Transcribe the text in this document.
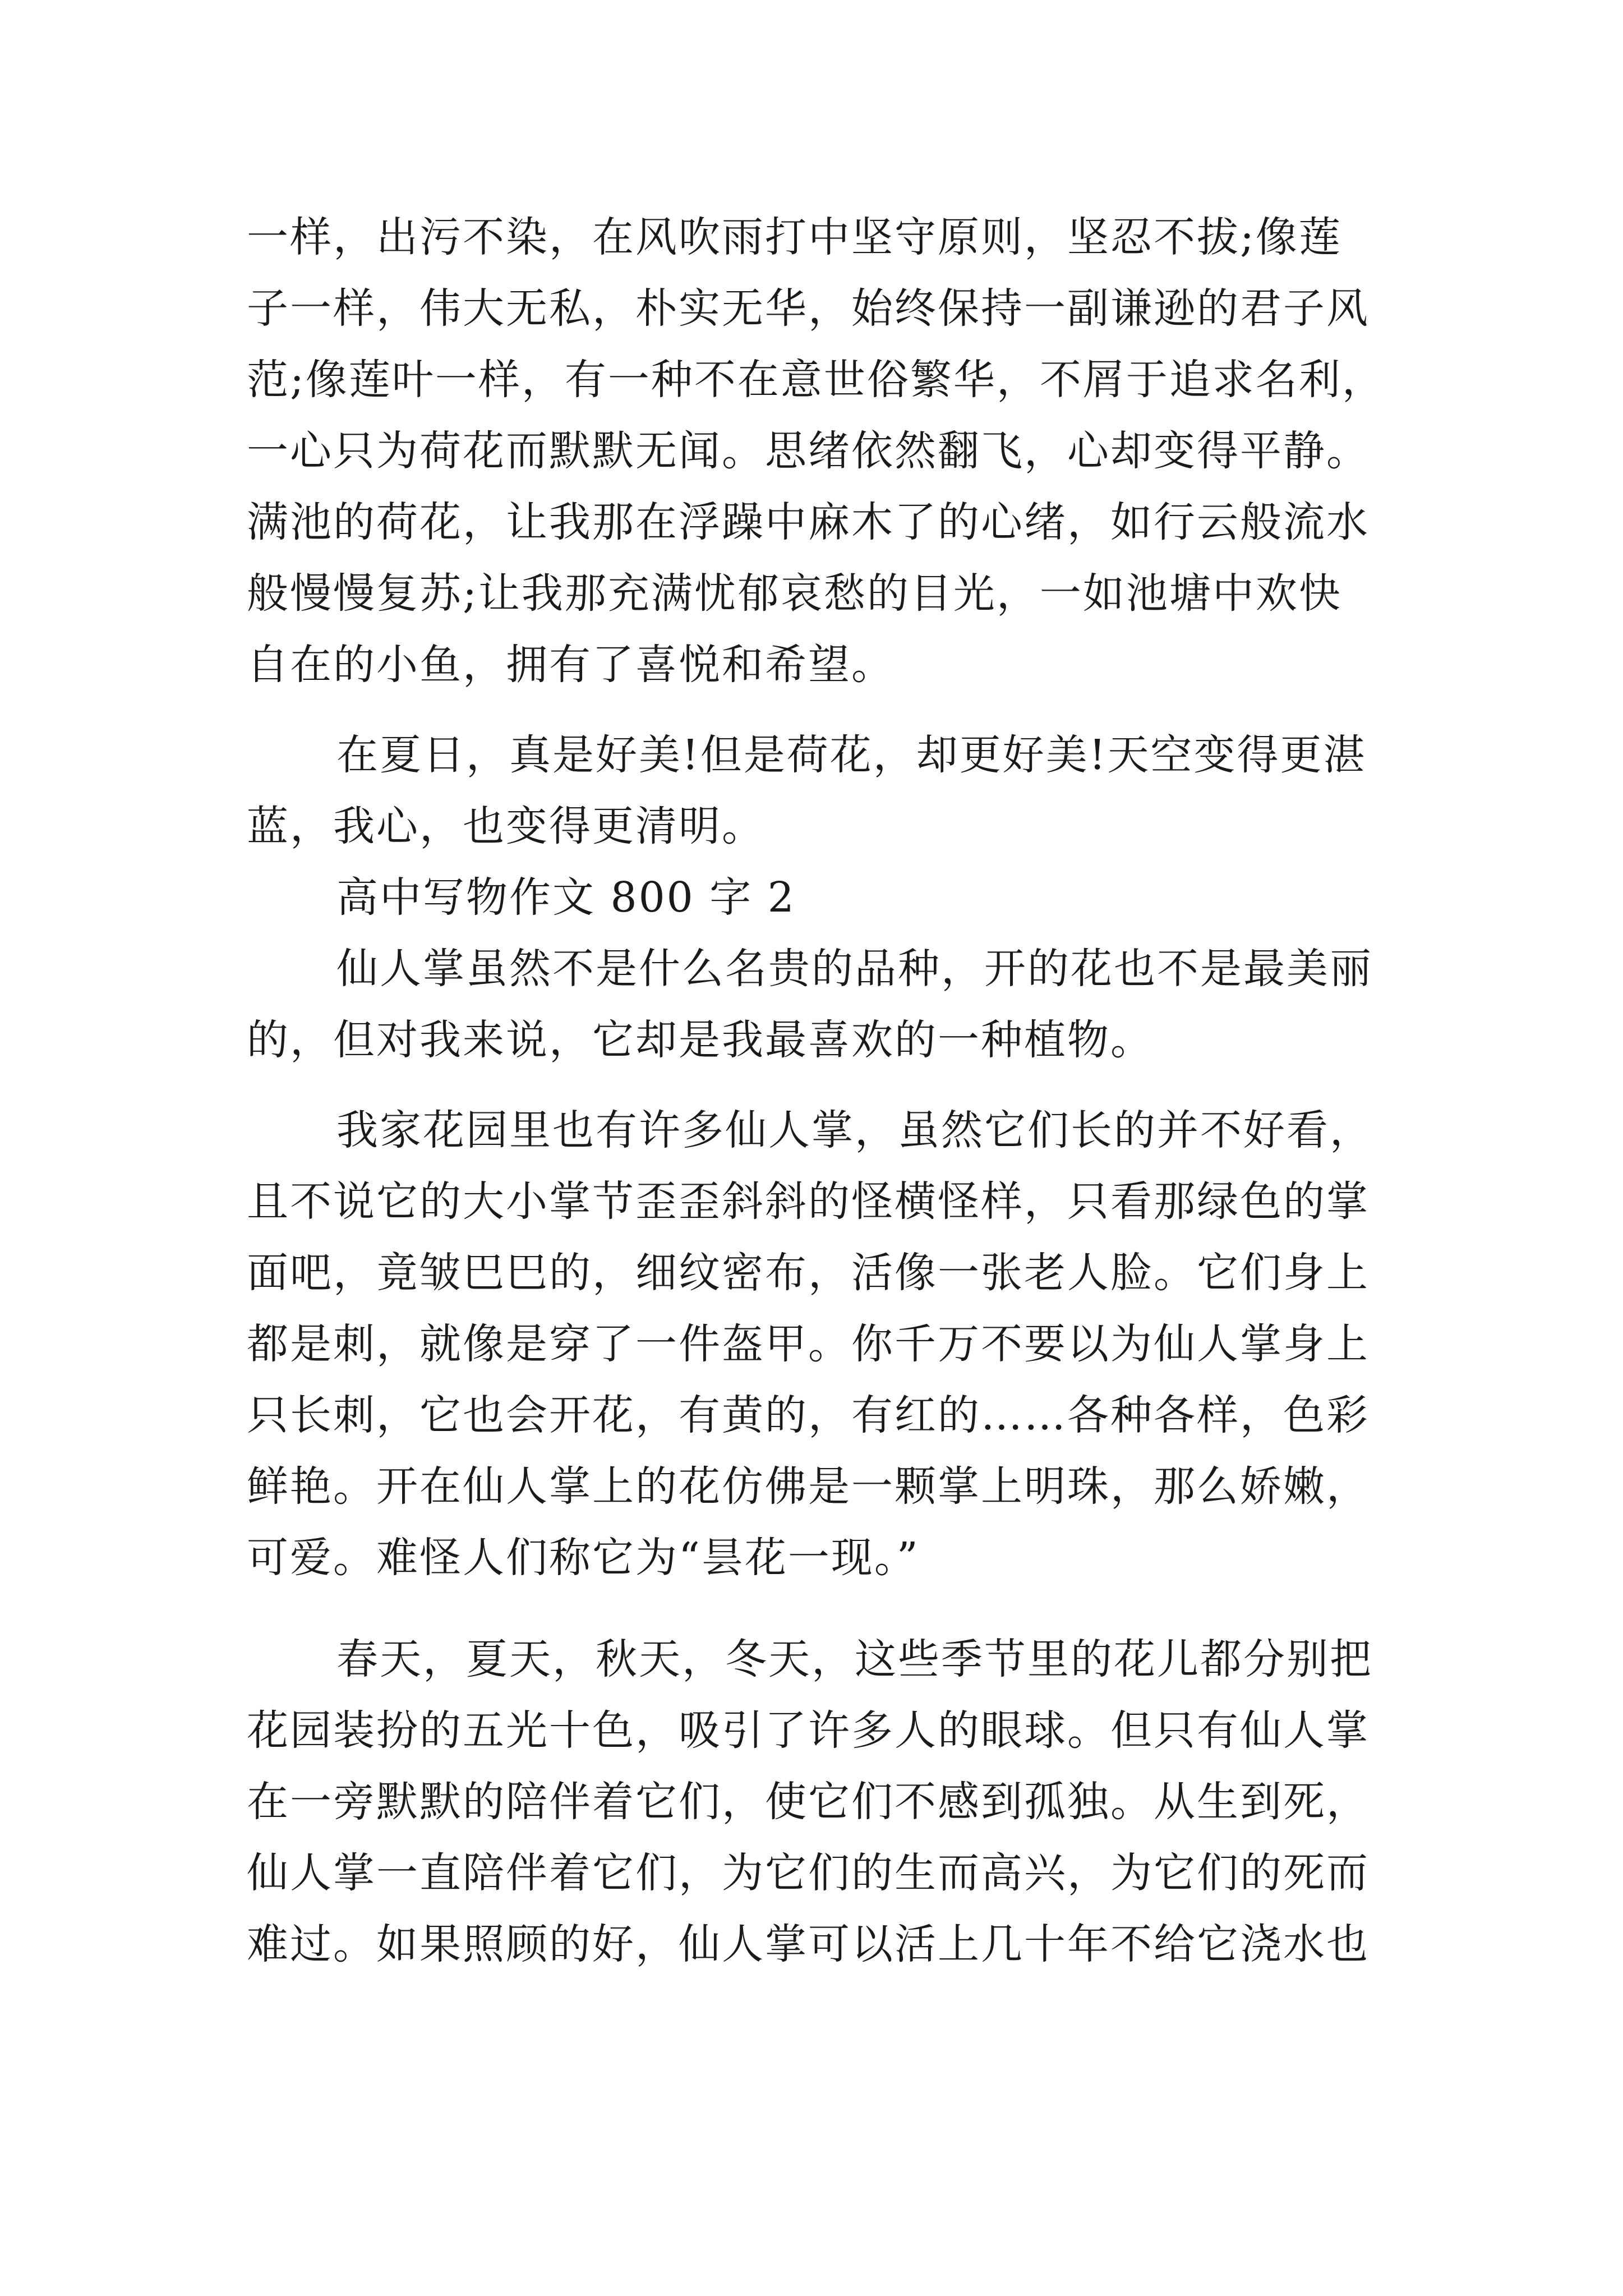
一样，出污不染，在风吹雨打中坚守原则，坚忍不拔;像莲
子一样，伟大无私，朴实无华，始终保持一副谦逊的君子风
范;像莲叶一样，有一种不在意世俗繁华，不屑于追求名利，
一心只为荷花而默默无闻。思绪依然翻飞，心却变得平静。
满池的荷花，让我那在浮躁中麻木了的心绪，如行云般流水
般慢慢复苏;让我那充满忧郁哀愁的目光，一如池塘中欢快
自在的小鱼，拥有了喜悦和希望。
在夏日，真是好美!但是荷花，却更好美!天空变得更湛
蓝，我心，也变得更清明。
高中写物作文 800 字 2
仙人掌虽然不是什么名贵的品种，开的花也不是最美丽
的，但对我来说，它却是我最喜欢的一种植物。
我家花园里也有许多仙人掌，虽然它们长的并不好看，
且不说它的大小掌节歪歪斜斜的怪横怪样，只看那绿色的掌
面吧，竟皱巴巴的，细纹密布，活像一张老人脸。它们身上
都是刺，就像是穿了一件盔甲。你千万不要以为仙人掌身上
只长刺，它也会开花，有黄的，有红的……各种各样，色彩
鲜艳。开在仙人掌上的花仿佛是一颗掌上明珠，那么娇嫩，
可爱。难怪人们称它为“昙花一现。”
春天，夏天，秋天，冬天，这些季节里的花儿都分别把
花园装扮的五光十色，吸引了许多人的眼球。但只有仙人掌
在一旁默默的陪伴着它们，使它们不感到孤独。从生到死，
仙人掌一直陪伴着它们，为它们的生而高兴，为它们的死而
难过。如果照顾的好，仙人掌可以活上几十年不给它浇水也
